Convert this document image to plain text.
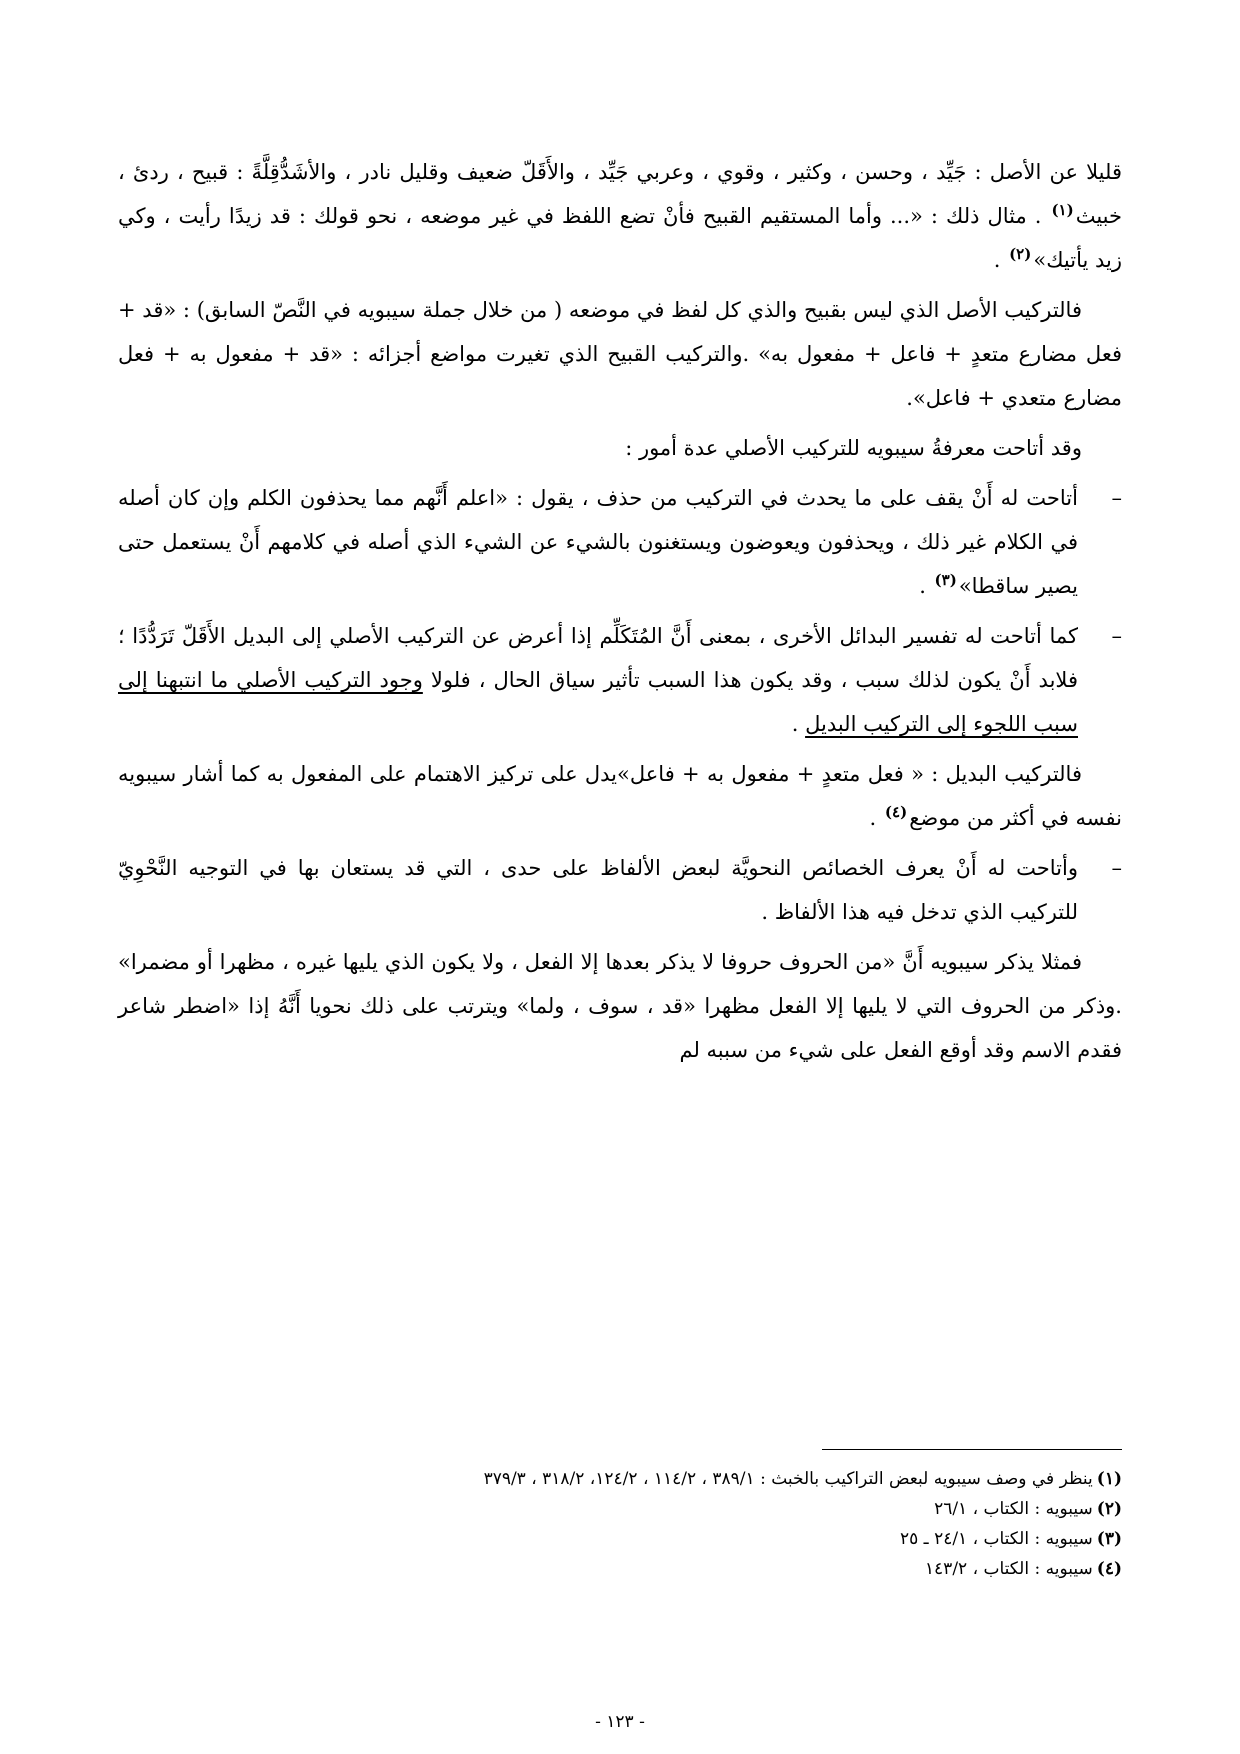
قليلا عن الأصل : جَيِّد ، وحسن ، وكثير ، وقوي ، وعربي جَيِّد ، والأَقَلّ ضعيف وقليل نادر ، والأشَدُّقِلَّةً : قبيح ، ردئ ، خبيث$^{(١)}$ . مثال ذلك : «... وأما المستقيم القبيح فأنْ تضع اللفظ في غير موضعه ، نحو قولك : قد زيدًا رأيت ، وكي زيد يأتيك»$^{(٢)}$ .

فالتركيب الأصل الذي ليس بقبيح والذي كل لفظ في موضعه ( من خلال جملة سيبويه في النَّصّ السابق) : «قد + فعل مضارع متعدٍ + فاعل + مفعول به» .والتركيب القبيح الذي تغيرت مواضع أجزائه : «قد + مفعول به + فعل مضارع متعدي + فاعل».

وقد أتاحت معرفةُ سيبويه للتركيب الأصلي عدة أمور :

–
أتاحت له أَنْ يقف على ما يحدث في التركيب من حذف ، يقول : «اعلم أَنَّهم مما يحذفون الكلم وإن كان أصله في الكلام غير ذلك ، ويحذفون ويعوضون ويستغنون بالشيء عن الشيء الذي أصله في كلامهم أَنْ يستعمل حتى يصير ساقطا»$^{(٣)}$ .

–
كما أتاحت له تفسير البدائل الأخرى ، بمعنى أَنَّ المُتَكَلِّم إذا أعرض عن التركيب الأصلي إلى البديل الأَقَلّ تَرَدُّدًا ؛ فلابد أَنْ يكون لذلك سبب ، وقد يكون هذا السبب تأثير سياق الحال ، فلولا وجود التركيب الأصلي ما انتبهنا إلى سبب اللجوء إلى التركيب البديل .

فالتركيب البديل : « فعل متعدٍ + مفعول به + فاعل»يدل على تركيز الاهتمام على المفعول به كما أشار سيبويه نفسه في أكثر من موضع$^{(٤)}$ .

–
وأتاحت له أَنْ يعرف الخصائص النحويَّة لبعض الألفاظ على حدى ، التي قد يستعان بها في التوجيه النَّحْوِيّ للتركيب الذي تدخل فيه هذا الألفاظ .

فمثلا يذكر سيبويه أَنَّ «من الحروف حروفا لا يذكر بعدها إلا الفعل ، ولا يكون الذي يليها غيره ، مظهرا أو مضمرا» .وذكر من الحروف التي لا يليها إلا الفعل مظهرا «قد ، سوف ، ولما» ويترتب على ذلك نحويا أَنَّهُ إذا «اضطر شاعر فقدم الاسم وقد أوقع الفعل على شيء من سببه لم

(١)ينظر في وصف سيبويه لبعض التراكيب بالخبث : ٣٨٩/١ ، ١١٤/٢ ، ١٢٤/٢، ٣١٨/٢ ، ٣٧٩/٣
(٢)سيبويه : الكتاب ، ٢٦/١
(٣)سيبويه : الكتاب ، ٢٤/١ ـ ٢٥
(٤)سيبويه : الكتاب ، ١٤٣/٢
- ١٢٣ -
